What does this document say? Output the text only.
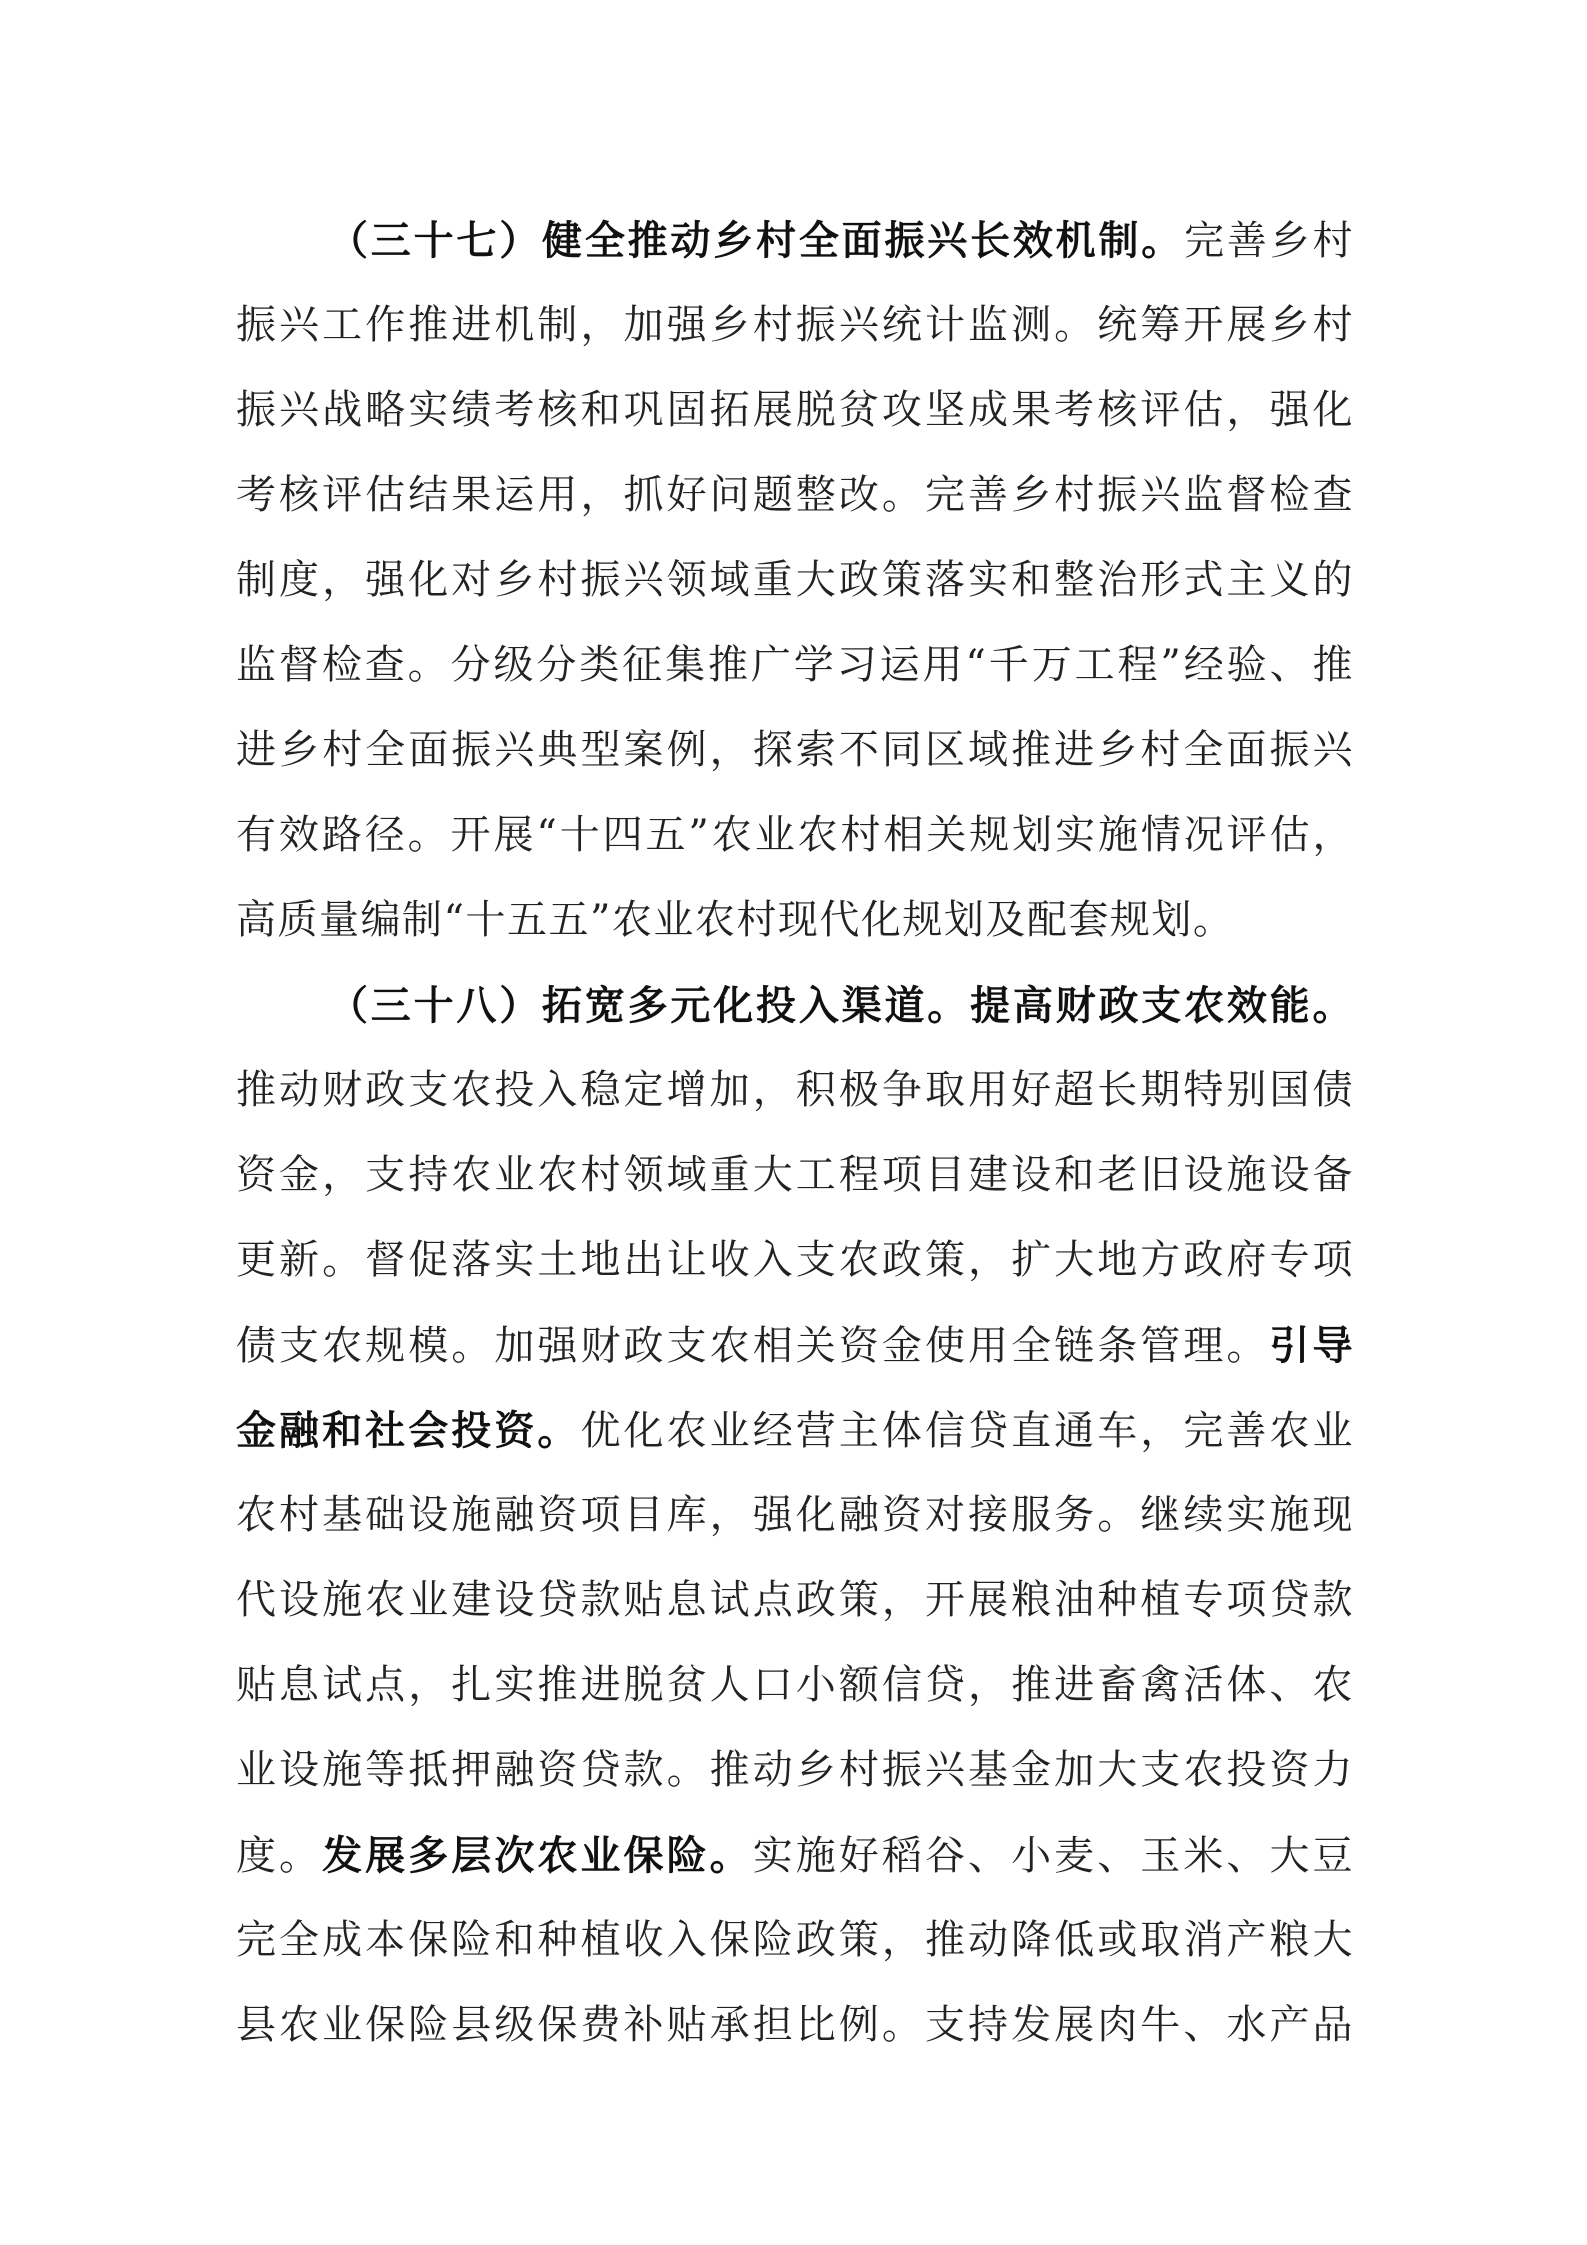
（三十七）健全推动乡村全面振兴长效机制。完善乡村
振兴工作推进机制，加强乡村振兴统计监测。统筹开展乡村
振兴战略实绩考核和巩固拓展脱贫攻坚成果考核评估，强化
考核评估结果运用，抓好问题整改。完善乡村振兴监督检查
制度，强化对乡村振兴领域重大政策落实和整治形式主义的
监督检查。分级分类征集推广学习运用“千万工程”经验、推
进乡村全面振兴典型案例，探索不同区域推进乡村全面振兴
有效路径。开展“十四五”农业农村相关规划实施情况评估，
高质量编制“十五五”农业农村现代化规划及配套规划。
（三十八）拓宽多元化投入渠道。提高财政支农效能。
推动财政支农投入稳定增加，积极争取用好超长期特别国债
资金，支持农业农村领域重大工程项目建设和老旧设施设备
更新。督促落实土地出让收入支农政策，扩大地方政府专项
债支农规模。加强财政支农相关资金使用全链条管理。引导
金融和社会投资。优化农业经营主体信贷直通车，完善农业
农村基础设施融资项目库，强化融资对接服务。继续实施现
代设施农业建设贷款贴息试点政策，开展粮油种植专项贷款
贴息试点，扎实推进脱贫人口小额信贷，推进畜禽活体、农
业设施等抵押融资贷款。推动乡村振兴基金加大支农投资力
度。发展多层次农业保险。实施好稻谷、小麦、玉米、大豆
完全成本保险和种植收入保险政策，推动降低或取消产粮大
县农业保险县级保费补贴承担比例。支持发展肉牛、水产品
